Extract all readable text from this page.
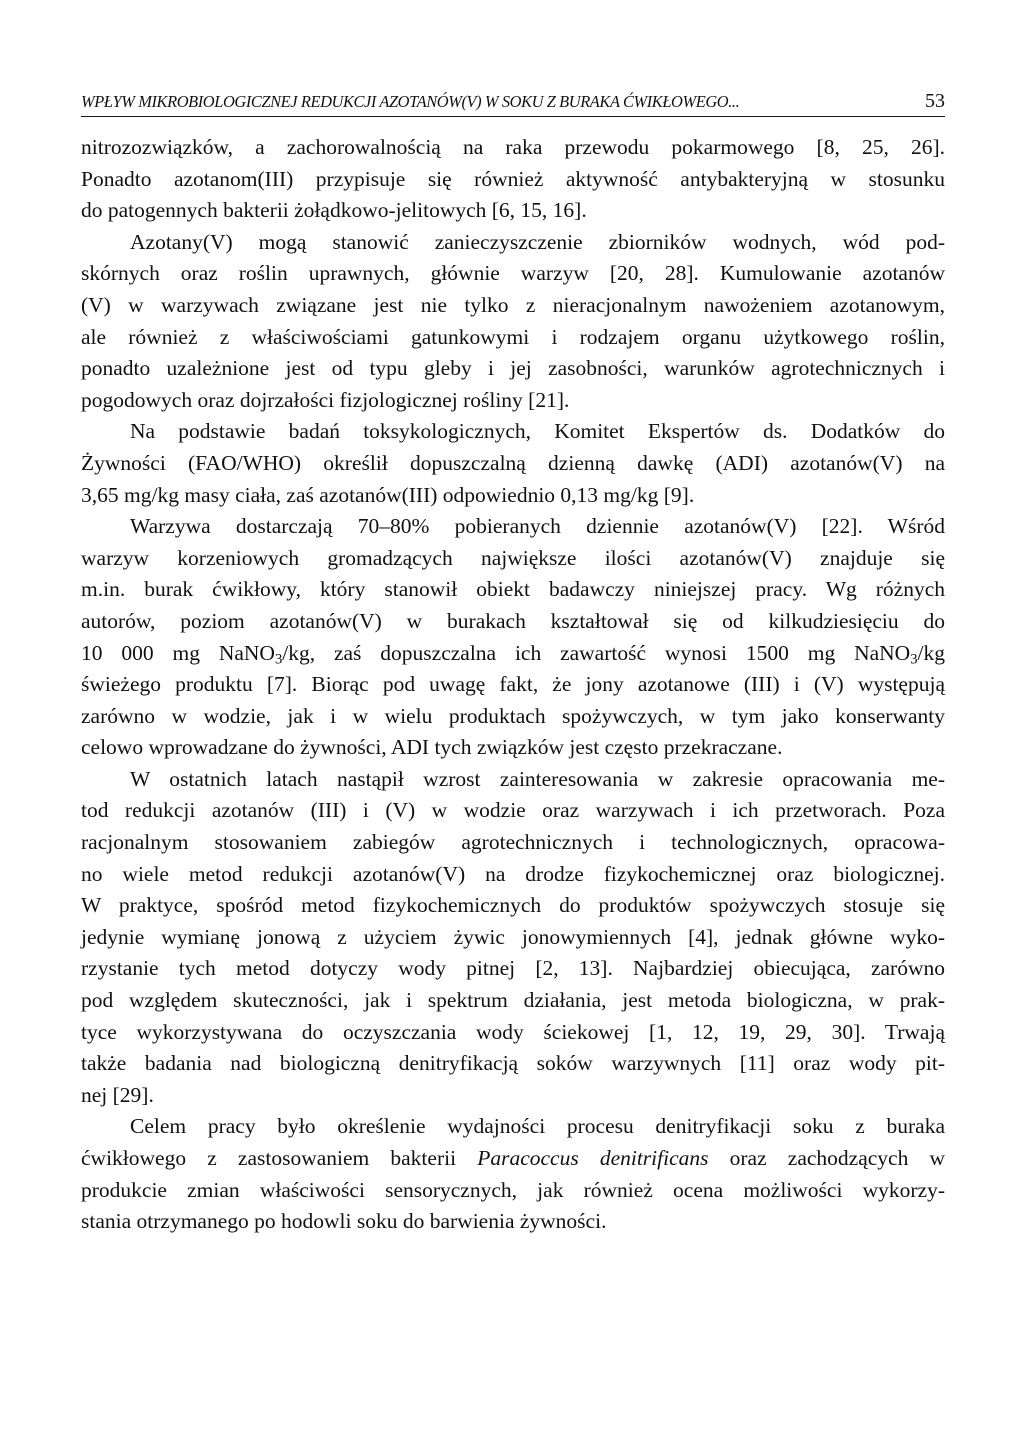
WPŁYW MIKROBIOLOGICZNEJ REDUKCJI AZOTANÓW(V) W SOKU Z BURAKA ĆWIKŁOWEGO...	53

nitrozozwiązków, a zachorowalnością na raka przewodu pokarmowego [8, 25, 26].
Ponadto azotanom(III) przypisuje się również aktywność antybakteryjną w stosunku
do patogennych bakterii żołądkowo-jelitowych [6, 15, 16].

Azotany(V) mogą stanowić zanieczyszczenie zbiorników wodnych, wód pod-
skórnych oraz roślin uprawnych, głównie warzyw [20, 28]. Kumulowanie azotanów
(V) w warzywach związane jest nie tylko z nieracjonalnym nawożeniem azotanowym,
ale również z właściwościami gatunkowymi i rodzajem organu użytkowego roślin,
ponadto uzależnione jest od typu gleby i jej zasobności, warunków agrotechnicznych i
pogodowych oraz dojrzałości fizjologicznej rośliny [21].

Na podstawie badań toksykologicznych, Komitet Ekspertów ds. Dodatków do
Żywności (FAO/WHO) określił dopuszczalną dzienną dawkę (ADI) azotanów(V) na
3,65 mg/kg masy ciała, zaś azotanów(III) odpowiednio 0,13 mg/kg [9].

Warzywa dostarczają 70–80% pobieranych dziennie azotanów(V) [22]. Wśród
warzyw korzeniowych gromadzących największe ilości azotanów(V) znajduje się
m.in. burak ćwikłowy, który stanowił obiekt badawczy niniejszej pracy. Wg różnych
autorów, poziom azotanów(V) w burakach kształtował się od kilkudziesięciu do
10 000 mg NaNO$_3$/kg, zaś dopuszczalna ich zawartość wynosi 1500 mg NaNO$_3$/kg
świeżego produktu [7]. Biorąc pod uwagę fakt, że jony azotanowe (III) i (V) występują
zarówno w wodzie, jak i w wielu produktach spożywczych, w tym jako konserwanty
celowo wprowadzane do żywności, ADI tych związków jest często przekraczane.

W ostatnich latach nastąpił wzrost zainteresowania w zakresie opracowania me-
tod redukcji azotanów (III) i (V) w wodzie oraz warzywach i ich przetworach. Poza
racjonalnym stosowaniem zabiegów agrotechnicznych i technologicznych, opracowa-
no wiele metod redukcji azotanów(V) na drodze fizykochemicznej oraz biologicznej.
W praktyce, spośród metod fizykochemicznych do produktów spożywczych stosuje się
jedynie wymianę jonową z użyciem żywic jonowymiennych [4], jednak główne wyko-
rzystanie tych metod dotyczy wody pitnej [2, 13]. Najbardziej obiecująca, zarówno
pod względem skuteczności, jak i spektrum działania, jest metoda biologiczna, w prak-
tyce wykorzystywana do oczyszczania wody ściekowej [1, 12, 19, 29, 30]. Trwają
także badania nad biologiczną denitryfikacją soków warzywnych [11] oraz wody pit-
nej [29].

Celem pracy było określenie wydajności procesu denitryfikacji soku z buraka
ćwikłowego z zastosowaniem bakterii Paracoccus denitrificans oraz zachodzących w
produkcie zmian właściwości sensorycznych, jak również ocena możliwości wykorzy-
stania otrzymanego po hodowli soku do barwienia żywności.
